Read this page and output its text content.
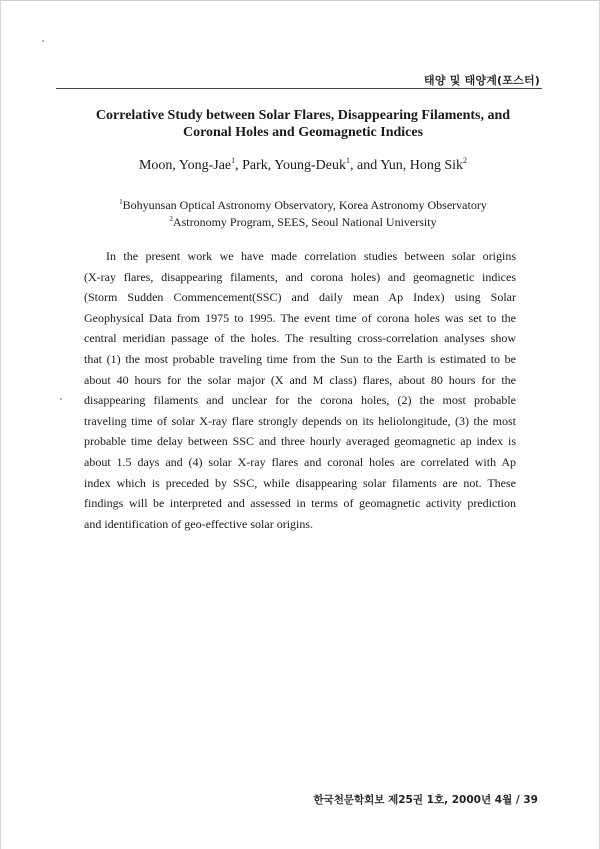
태양 및 태양계(포스터)
Correlative Study between Solar Flares, Disappearing Filaments, and
Coronal Holes and Geomagnetic Indices
Moon, Yong-Jae$^1$, Park, Young-Deuk$^1$, and Yun, Hong Sik$^2$
$^1$Bohyunsan Optical Astronomy Observatory, Korea Astronomy Observatory
$^2$Astronomy Program, SEES, Seoul National University
In the present work we have made correlation studies between solar origins
(X-ray flares, disappearing filaments, and corona holes) and geomagnetic indices
(Storm Sudden Commencement(SSC) and daily mean Ap Index) using Solar
Geophysical Data from 1975 to 1995. The event time of corona holes was set to the
central meridian passage of the holes. The resulting cross-correlation analyses show
that (1) the most probable traveling time from the Sun to the Earth is estimated to be
about 40 hours for the solar major (X and M class) flares, about 80 hours for the
disappearing filaments and unclear for the corona holes, (2) the most probable
traveling time of solar X-ray flare strongly depends on its heliolongitude, (3) the most
probable time delay between SSC and three hourly averaged geomagnetic ap index is
about 1.5 days and (4) solar X-ray flares and coronal holes are correlated with Ap
index which is preceded by SSC, while disappearing solar filaments are not. These
findings will be interpreted and assessed in terms of geomagnetic activity prediction
and identification of geo-effective solar origins.
한국천문학회보 제25권 1호, 2000년 4월 / 39
